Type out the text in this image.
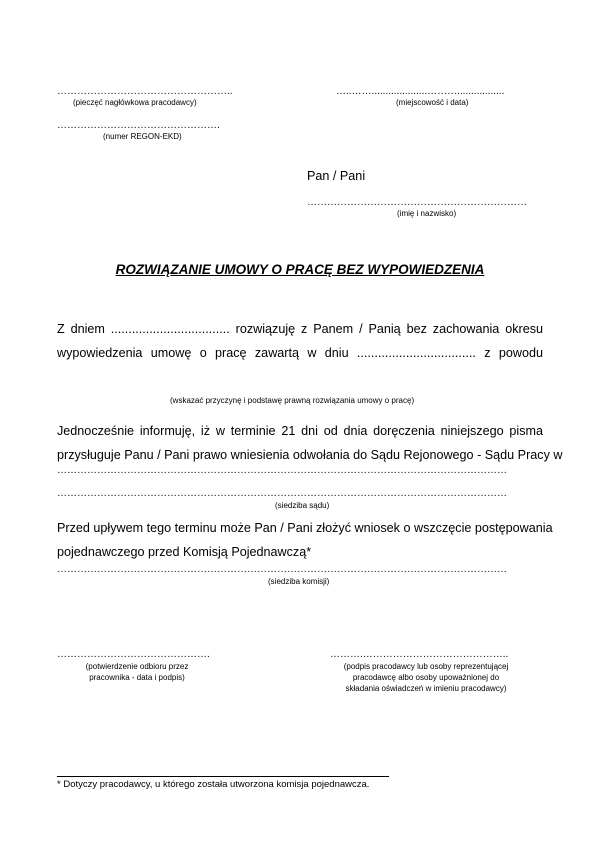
……………………………………………..
(pieczęć nagłówkowa pracodawcy)
…..……....................……….................
(miejscowość i data)
………………………………………….
(numer REGON-EKD)
Pan / Pani
…………………………………………………………
(imię i nazwisko)
ROZWIĄZANIE UMOWY O PRACĘ BEZ WYPOWIEDZENIA
Z dniem .................................. rozwiązuję z Panem / Panią bez zachowania okresu
wypowiedzenia umowę o pracę zawartą w dniu .................................. z powodu
(wskazać przyczynę i podstawę prawną rozwiązania umowy o pracę)
Jednocześnie informuję, iż w terminie 21 dni od dnia doręczenia niniejszego pisma
przysługuje Panu / Pani prawo wniesienia odwołania do Sądu Rejonowego - Sądu Pracy w
………………………………………………………………………………………………………………………
………………………………………………………………………………………………………………………
(siedziba sądu)
Przed upływem tego terminu może Pan / Pani złożyć wniosek o wszczęcie postępowania
pojednawczego przed Komisją Pojednawczą*
………………………………………………………………………………………………………………………
(siedziba komisji)
……………………………………….
(potwierdzenie odbioru przez
pracownika - data i podpis)
……….……………………………………..
(podpis pracodawcy lub osoby reprezentującej
pracodawcę albo osoby upoważnionej do
składania oświadczeń w imieniu pracodawcy)
* Dotyczy pracodawcy, u którego została utworzona komisja pojednawcza.
